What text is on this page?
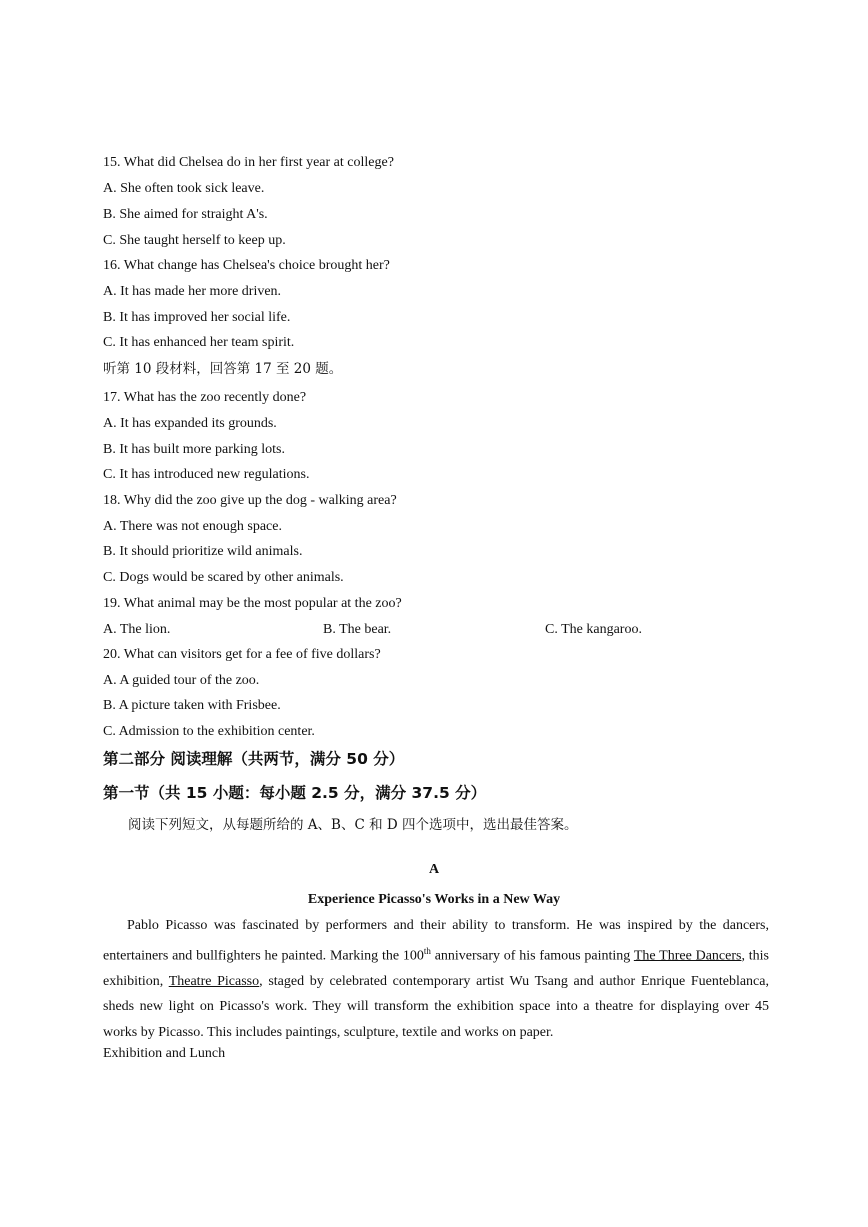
15. What did Chelsea do in her first year at college?
A. She often took sick leave.
B. She aimed for straight A's.
C. She taught herself to keep up.
16. What change has Chelsea's choice brought her?
A. It has made her more driven.
B. It has improved her social life.
C. It has enhanced her team spirit.
听第 10 段材料，回答第 17 至 20 题。
17. What has the zoo recently done?
A. It has expanded its grounds.
B. It has built more parking lots.
C. It has introduced new regulations.
18. Why did the zoo give up the dog - walking area?
A. There was not enough space.
B. It should prioritize wild animals.
C. Dogs would be scared by other animals.
19. What animal may be the most popular at the zoo?
A. The lion.	B. The bear.	C. The kangaroo.
20. What can visitors get for a fee of five dollars?
A. A guided tour of the zoo.
B. A picture taken with Frisbee.
C. Admission to the exhibition center.
第二部分 阅读理解（共两节，满分 50 分）
第一节（共 15 小题：每小题 2.5 分，满分 37.5 分）
阅读下列短文，从每题所给的 A、B、C 和 D 四个选项中，选出最佳答案。
A
Experience Picasso's Works in a New Way

Pablo Picasso was fascinated by performers and their ability to transform. He was inspired by the dancers, entertainers and bullfighters he painted. Marking the 100th anniversary of his famous painting The Three Dancers, this exhibition, Theatre Picasso, staged by celebrated contemporary artist Wu Tsang and author Enrique Fuenteblanca, sheds new light on Picasso's work. They will transform the exhibition space into a theatre for displaying over 45 works by Picasso. This includes paintings, sculpture, textile and works on paper.

Exhibition and Lunch
